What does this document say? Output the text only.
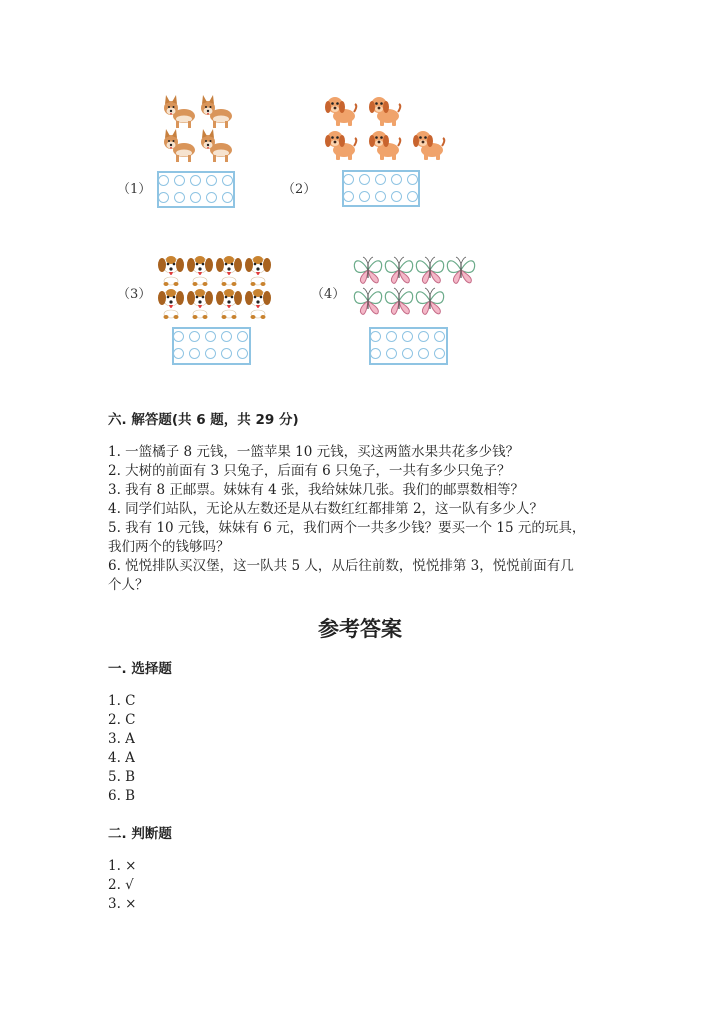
（1）	（2）
（3）	（4）
六. 解答题(共 6 题，共 29 分)
1. 一篮橘子 8 元钱，一篮苹果 10 元钱，买这两篮水果共花多少钱？
2. 大树的前面有 3 只兔子，后面有 6 只兔子，一共有多少只兔子？
3. 我有 8 正邮票。妹妹有 4 张，我给妹妹几张。我们的邮票数相等？
4. 同学们站队，无论从左数还是从右数红红都排第 2，这一队有多少人？
5. 我有 10 元钱，妹妹有 6 元，我们两个一共多少钱？要买一个 15 元的玩具，
我们两个的钱够吗？
6. 悦悦排队买汉堡，这一队共 5 人，从后往前数，悦悦排第 3，悦悦前面有几
个人？
参考答案
一. 选择题
1. C
2. C
3. A
4. A
5. B
6. B
二. 判断题
1. ×
2. √
3. ×
